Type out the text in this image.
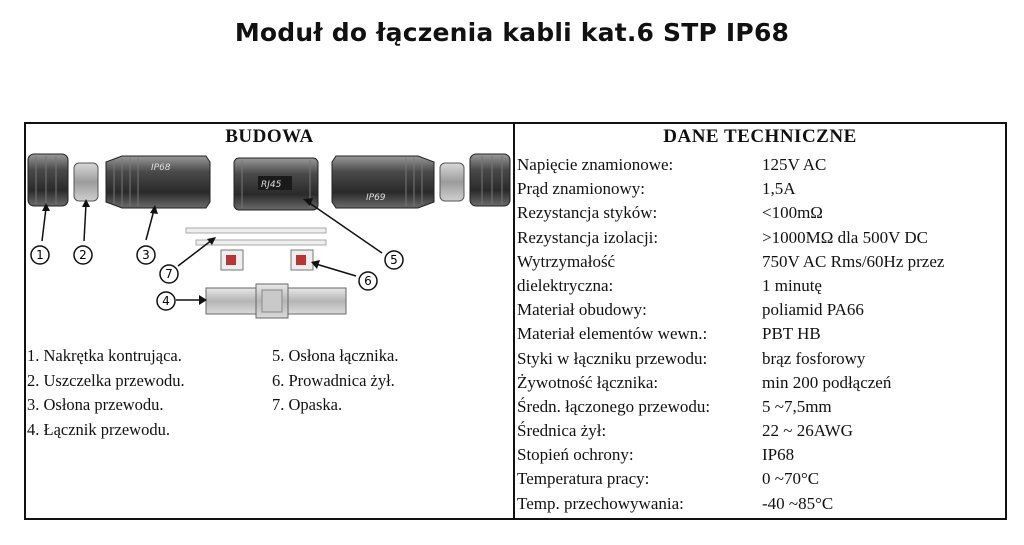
Moduł do łączenia kabli kat.6 STP IP68
BUDOWA	DANE TECHNICZNE
IP68
RJ45
IP69
1	2	3
4
5
6
7
1. Nakrętka kontrująca.
2. Uszczelka przewodu.
3. Osłona przewodu.
4. Łącznik przewodu.
5. Osłona łącznika.
6. Prowadnica żył.
7. Opaska.
Napięcie znamionowe:	125V AC
Prąd znamionowy:	1,5A
Rezystancja styków:	<100mΩ
Rezystancja izolacji:	>1000MΩ dla 500V DC
Wytrzymałość	750V AC Rms/60Hz przez
dielektryczna:	1 minutę
Materiał obudowy:	poliamid PA66
Materiał elementów wewn.:	PBT HB
Styki w łączniku przewodu:	brąz fosforowy
Żywotność łącznika:	min 200 podłączeń
Średn. łączonego przewodu:	5 ~7,5mm
Średnica żył:	22 ~ 26AWG
Stopień ochrony:	IP68
Temperatura pracy:	0 ~70°C
Temp. przechowywania:	-40 ~85°C
